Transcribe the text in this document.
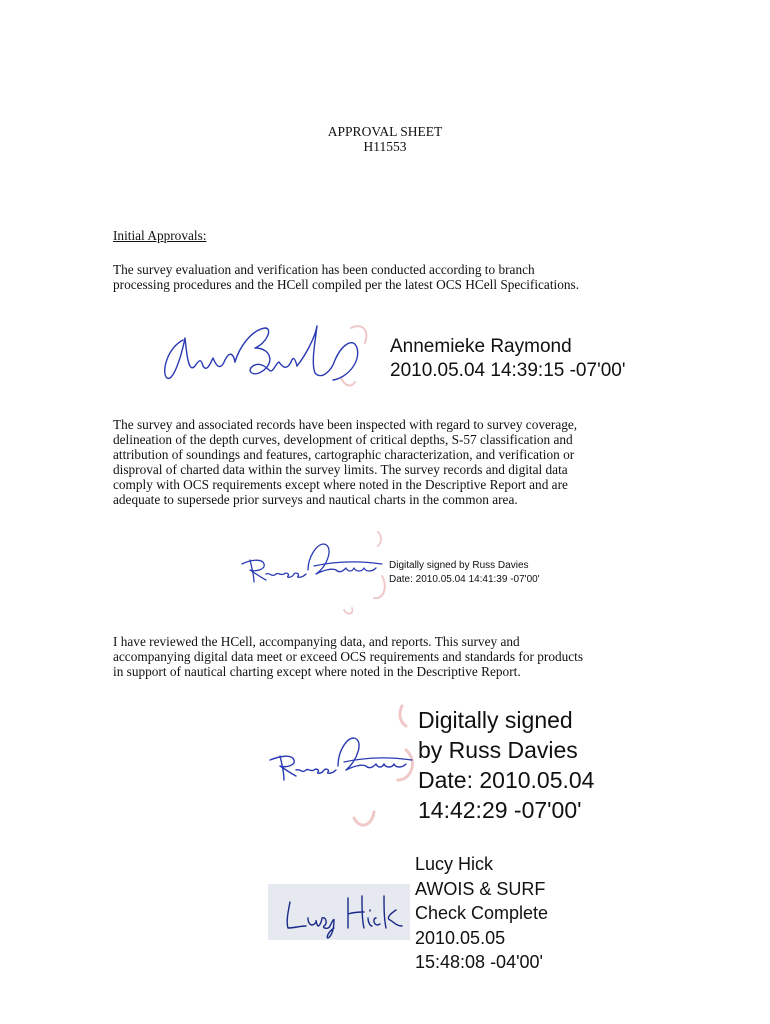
APPROVAL SHEET
H11553
Initial Approvals:
The survey evaluation and verification has been conducted according to branch
processing procedures and the HCell compiled per the latest OCS HCell Specifications.
Annemieke Raymond
2010.05.04 14:39:15 -07'00'
The survey and associated records have been inspected with regard to survey coverage,
delineation of the depth curves, development of critical depths, S-57 classification and
attribution of soundings and features, cartographic characterization, and verification or
disproval of charted data within the survey limits. The survey records and digital data
comply with OCS requirements except where noted in the Descriptive Report and are
adequate to supersede prior surveys and nautical charts in the common area.
Digitally signed by Russ Davies
Date: 2010.05.04 14:41:39 -07'00'
I have reviewed the HCell, accompanying data, and reports. This survey and
accompanying digital data meet or exceed OCS requirements and standards for products
in support of nautical charting except where noted in the Descriptive Report.
Digitally signed
by Russ Davies
Date: 2010.05.04
14:42:29 -07'00'
Lucy Hick
AWOIS & SURF
Check Complete
2010.05.05
15:48:08 -04'00'
